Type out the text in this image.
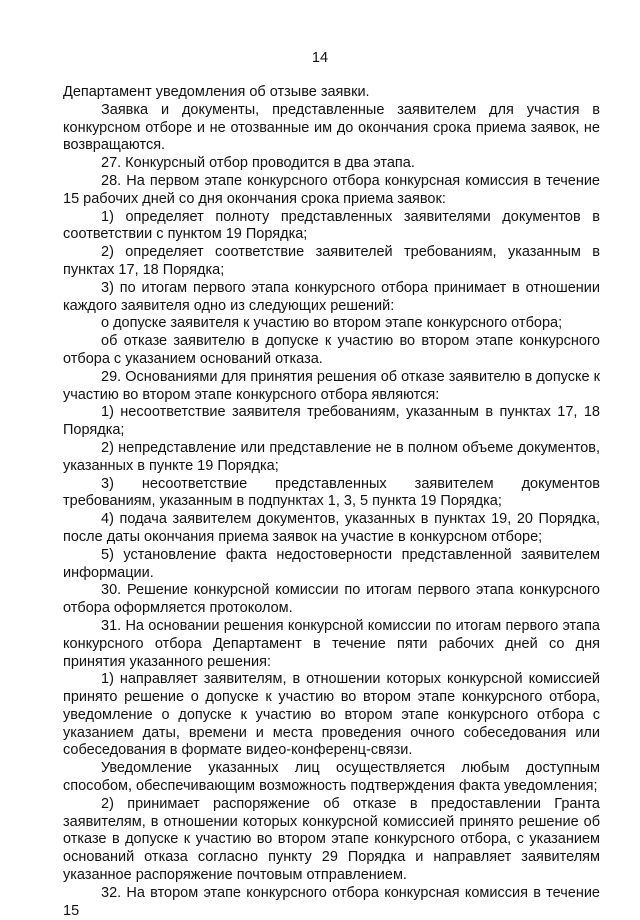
14

Департамент уведомления об отзыве заявки.

Заявка и документы, представленные заявителем для участия в конкурсном отборе и не отозванные им до окончания срока приема заявок, не возвращаются.

27. Конкурсный отбор проводится в два этапа.

28. На первом этапе конкурсного отбора конкурсная комиссия в течение 15 рабочих дней со дня окончания срока приема заявок:

1) определяет полноту представленных заявителями документов в соответствии с пунктом 19 Порядка;

2) определяет соответствие заявителей требованиям, указанным в пунктах 17, 18 Порядка;

3) по итогам первого этапа конкурсного отбора принимает в отношении каждого заявителя одно из следующих решений:

о допуске заявителя к участию во втором этапе конкурсного отбора;

об отказе заявителю в допуске к участию во втором этапе конкурсного отбора с указанием оснований отказа.

29. Основаниями для принятия решения об отказе заявителю в допуске к участию во втором этапе конкурсного отбора являются:

1) несоответствие заявителя требованиям, указанным в пунктах 17, 18 Порядка;

2) непредставление или представление не в полном объеме документов, указанных в пункте 19 Порядка;

3) несоответствие представленных заявителем документов требованиям, указанным в подпунктах 1, 3, 5 пункта 19 Порядка;

4) подача заявителем документов, указанных в пунктах 19, 20 Порядка, после даты окончания приема заявок на участие в конкурсном отборе;

5) установление факта недостоверности представленной заявителем информации.

30. Решение конкурсной комиссии по итогам первого этапа конкурсного отбора оформляется протоколом.

31. На основании решения конкурсной комиссии по итогам первого этапа конкурсного отбора Департамент в течение пяти рабочих дней со дня принятия указанного решения:

1) направляет заявителям, в отношении которых конкурсной комиссией принято решение о допуске к участию во втором этапе конкурсного отбора, уведомление о допуске к участию во втором этапе конкурсного отбора с указанием даты, времени и места проведения очного собеседования или собеседования в формате видео-конференц-связи.

Уведомление указанных лиц осуществляется любым доступным способом, обеспечивающим возможность подтверждения факта уведомления;

2) принимает распоряжение об отказе в предоставлении Гранта заявителям, в отношении которых конкурсной комиссией принято решение об отказе в допуске к участию во втором этапе конкурсного отбора, с указанием оснований отказа согласно пункту 29 Порядка и направляет заявителям указанное распоряжение почтовым отправлением.

32. На втором этапе конкурсного отбора конкурсная комиссия в течение 15
